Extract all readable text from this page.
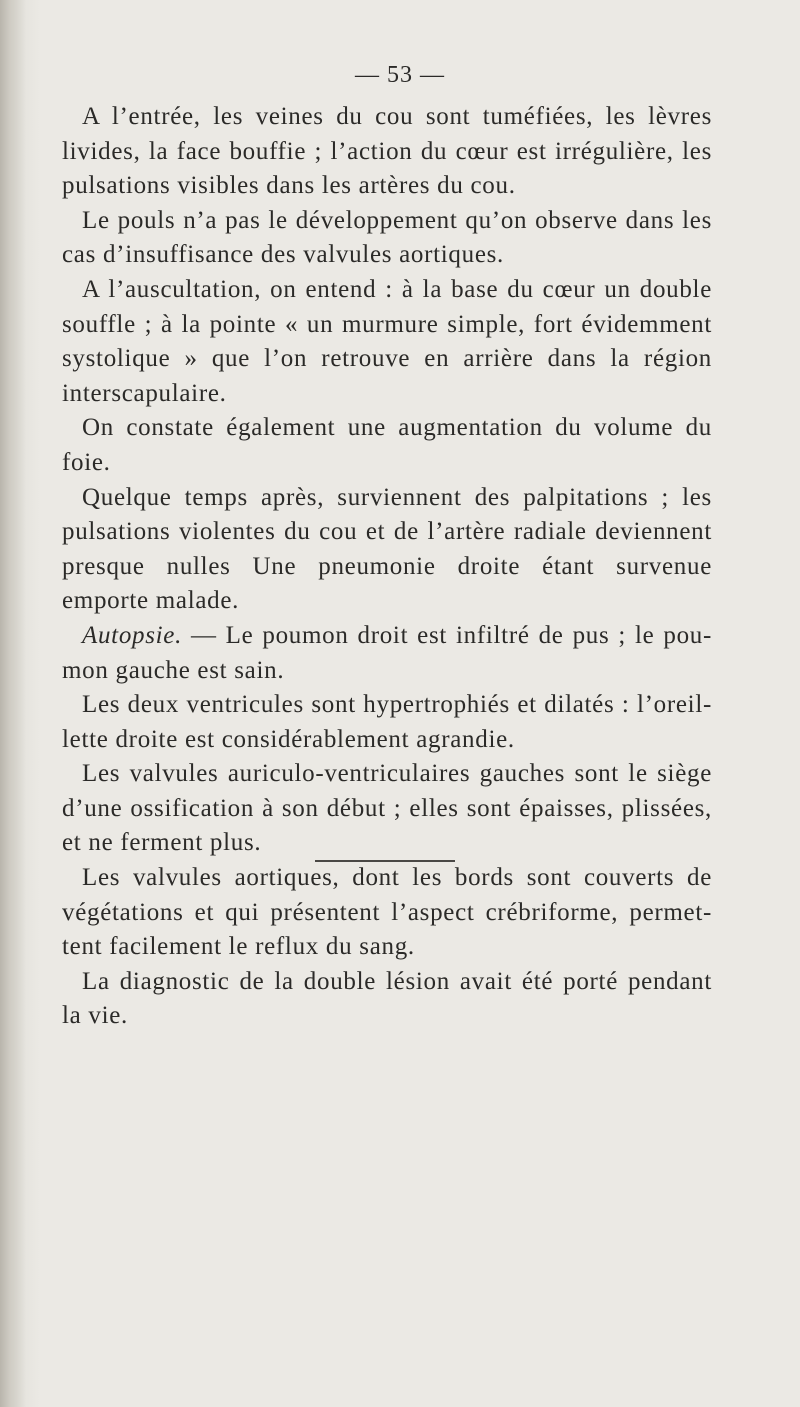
— 53 —
A l’entrée, les veines du cou sont tuméfiées, les lèvres
livides, la face bouffie ; l’action du cœur est irrégulière, les
pulsations visibles dans les artères du cou.
Le pouls n’a pas le développement qu’on observe dans les
cas d’insuffisance des valvules aortiques.
A l’auscultation, on entend : à la base du cœur un double
souffle ; à la pointe « un murmure simple, fort évidemment
systolique » que l’on retrouve en arrière dans la région
interscapulaire.
On constate également une augmentation du volume du
foie.
Quelque temps après, surviennent des palpitations ; les
pulsations violentes du cou et de l’artère radiale deviennent
presque nulles Une pneumonie droite étant survenue
emporte malade.
Autopsie. — Le poumon droit est infiltré de pus ; le pou-
mon gauche est sain.
Les deux ventricules sont hypertrophiés et dilatés : l’oreil-
lette droite est considérablement agrandie.
Les valvules auriculo-ventriculaires gauches sont le siège
d’une ossification à son début ; elles sont épaisses, plissées,
et ne ferment plus.
Les valvules aortiques, dont les bords sont couverts de
végétations et qui présentent l’aspect crébriforme, permet-
tent facilement le reflux du sang.
La diagnostic de la double lésion avait été porté pendant
la vie.
